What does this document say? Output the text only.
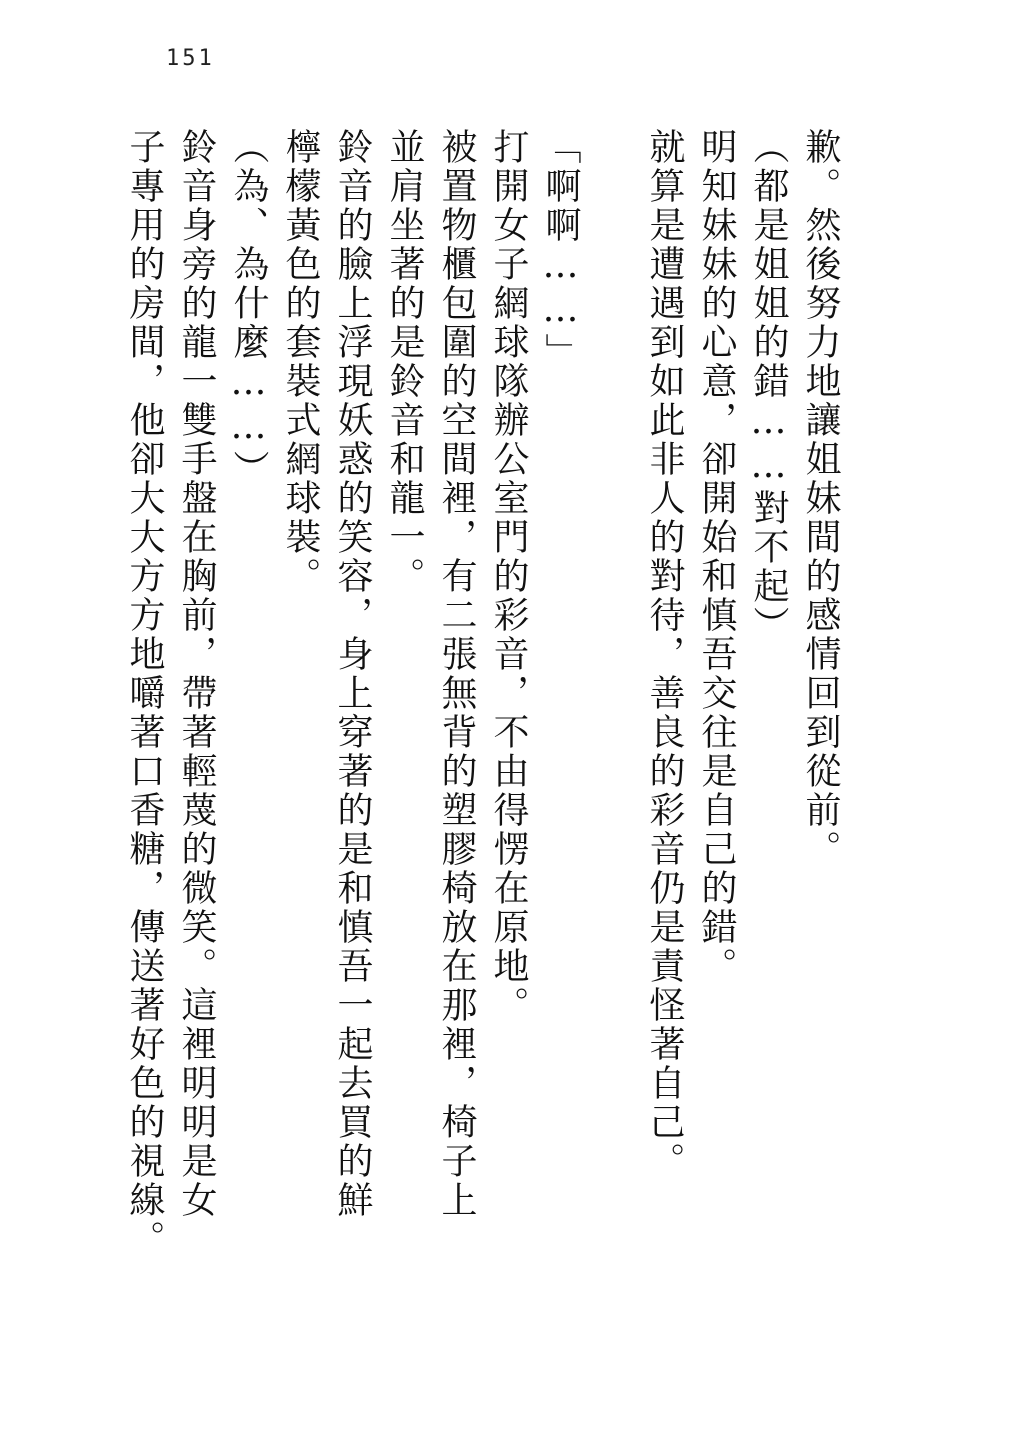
151
歉。然後努力地讓姐妹間的感情回到從前。
（都是姐姐的錯……對不起）
明知妹妹的心意，卻開始和慎吾交往是自己的錯。
就算是遭遇到如此非人的對待，善良的彩音仍是責怪著自己。
「啊啊……」
打開女子網球隊辦公室門的彩音，不由得愣在原地。
被置物櫃包圍的空間裡，有二張無背的塑膠椅放在那裡，椅子上
並肩坐著的是鈴音和龍一。
鈴音的臉上浮現妖惑的笑容，身上穿著的是和慎吾一起去買的鮮
檸檬黃色的套裝式網球裝。
（為、為什麼……）
鈴音身旁的龍一雙手盤在胸前，帶著輕蔑的微笑。這裡明明是女
子專用的房間，他卻大大方方地嚼著口香糖，傳送著好色的視線。
